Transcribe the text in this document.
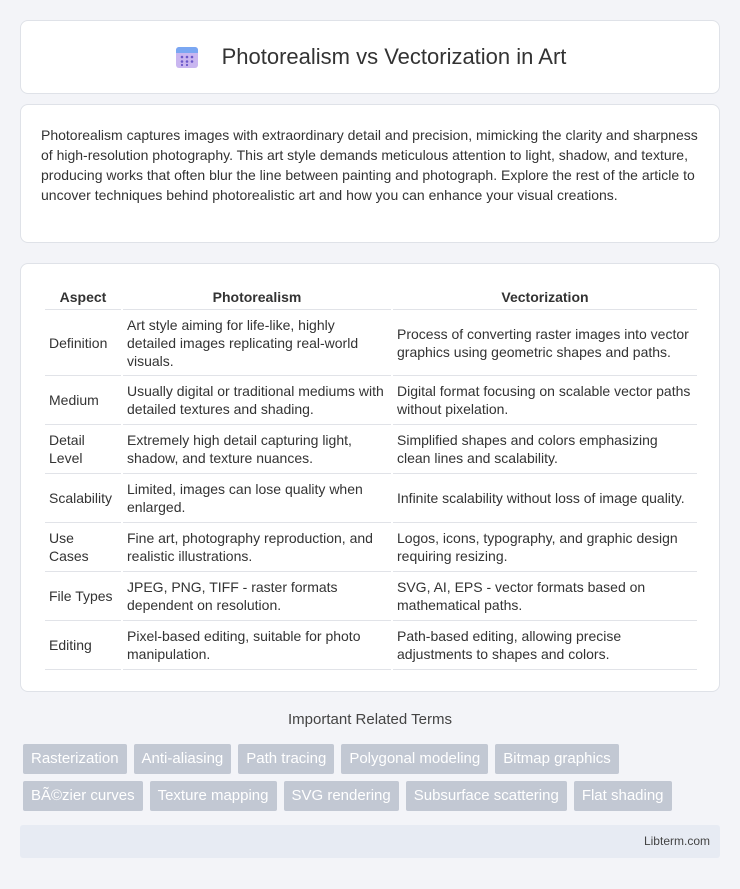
Photorealism vs Vectorization in Art

Photorealism captures images with extraordinary detail and precision, mimicking the clarity and sharpness of high-resolution photography. This art style demands meticulous attention to light, shadow, and texture, producing works that often blur the line between painting and photograph. Explore the rest of the article to uncover techniques behind photorealistic art and how you can enhance your visual creations.

Aspect	Photorealism	Vectorization
Definition	Art style aiming for life-like, highly detailed images replicating real-world visuals.	Process of converting raster images into vector graphics using geometric shapes and paths.
Medium	Usually digital or traditional mediums with detailed textures and shading.	Digital format focusing on scalable vector paths without pixelation.
Detail Level	Extremely high detail capturing light, shadow, and texture nuances.	Simplified shapes and colors emphasizing clean lines and scalability.
Scalability	Limited, images can lose quality when enlarged.	Infinite scalability without loss of image quality.
Use Cases	Fine art, photography reproduction, and realistic illustrations.	Logos, icons, typography, and graphic design requiring resizing.
File Types	JPEG, PNG, TIFF - raster formats dependent on resolution.	SVG, AI, EPS - vector formats based on mathematical paths.
Editing	Pixel-based editing, suitable for photo manipulation.	Path-based editing, allowing precise adjustments to shapes and colors.
Important Related Terms
Rasterization	Anti-aliasing	Path tracing	Polygonal modeling	Bitmap graphics
BÃ©zier curves	Texture mapping	SVG rendering	Subsurface scattering	Flat shading
Libterm.com
